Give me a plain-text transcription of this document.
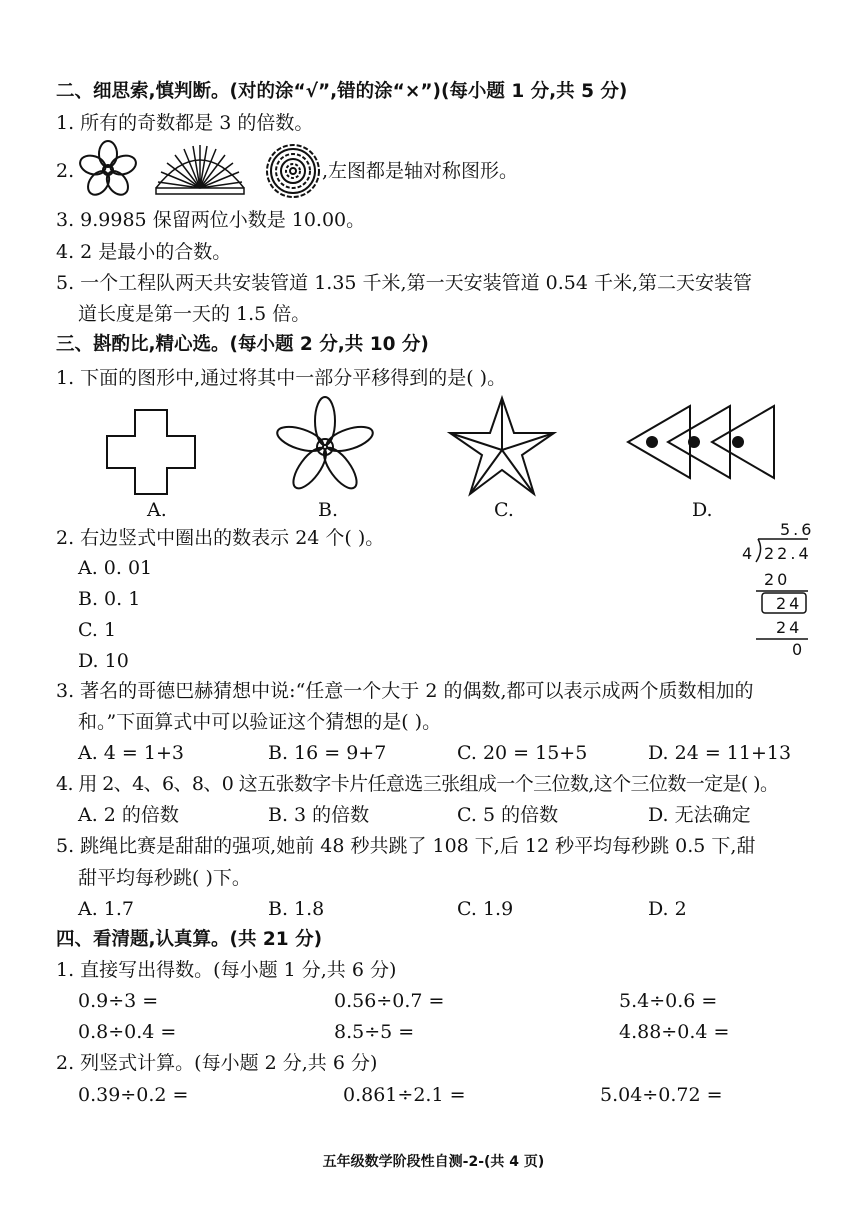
二、细思索,慎判断。(对的涂“√”,错的涂“×”)(每小题 1 分,共 5 分)
1. 所有的奇数都是 3 的倍数。
2.	,左图都是轴对称图形。
3. 9.9985 保留两位小数是 10.00。
4. 2 是最小的合数。
5. 一个工程队两天共安装管道 1.35 千米,第一天安装管道 0.54 千米,第二天安装管
道长度是第一天的 1.5 倍。
三、斟酌比,精心选。(每小题 2 分,共 10 分)
1. 下面的图形中,通过将其中一部分平移得到的是( )。
A.	B.	C.	D.
2. 右边竖式中圈出的数表示 24 个( )。
A. 0. 01
B. 0. 1
C. 1
D. 10
5.6
4 22.4
20
24
24
0
3. 著名的哥德巴赫猜想中说:“任意一个大于 2 的偶数,都可以表示成两个质数相加的
和。”下面算式中可以验证这个猜想的是( )。
A. 4 = 1+3	B. 16 = 9+7	C. 20 = 15+5	D. 24 = 11+13
4. 用 2、4、6、8、0 这五张数字卡片任意选三张组成一个三位数,这个三位数一定是( )。
A. 2 的倍数	B. 3 的倍数	C. 5 的倍数	D. 无法确定
5. 跳绳比赛是甜甜的强项,她前 48 秒共跳了 108 下,后 12 秒平均每秒跳 0.5 下,甜
甜平均每秒跳( )下。
A. 1.7	B. 1.8	C. 1.9	D. 2
四、看清题,认真算。(共 21 分)
1. 直接写出得数。(每小题 1 分,共 6 分)
0.9÷3 =	0.56÷0.7 =	5.4÷0.6 =
0.8÷0.4 =	8.5÷5 =	4.88÷0.4 =
2. 列竖式计算。(每小题 2 分,共 6 分)
0.39÷0.2 =	0.861÷2.1 =	5.04÷0.72 =
五年级数学阶段性自测-2-(共 4 页)
